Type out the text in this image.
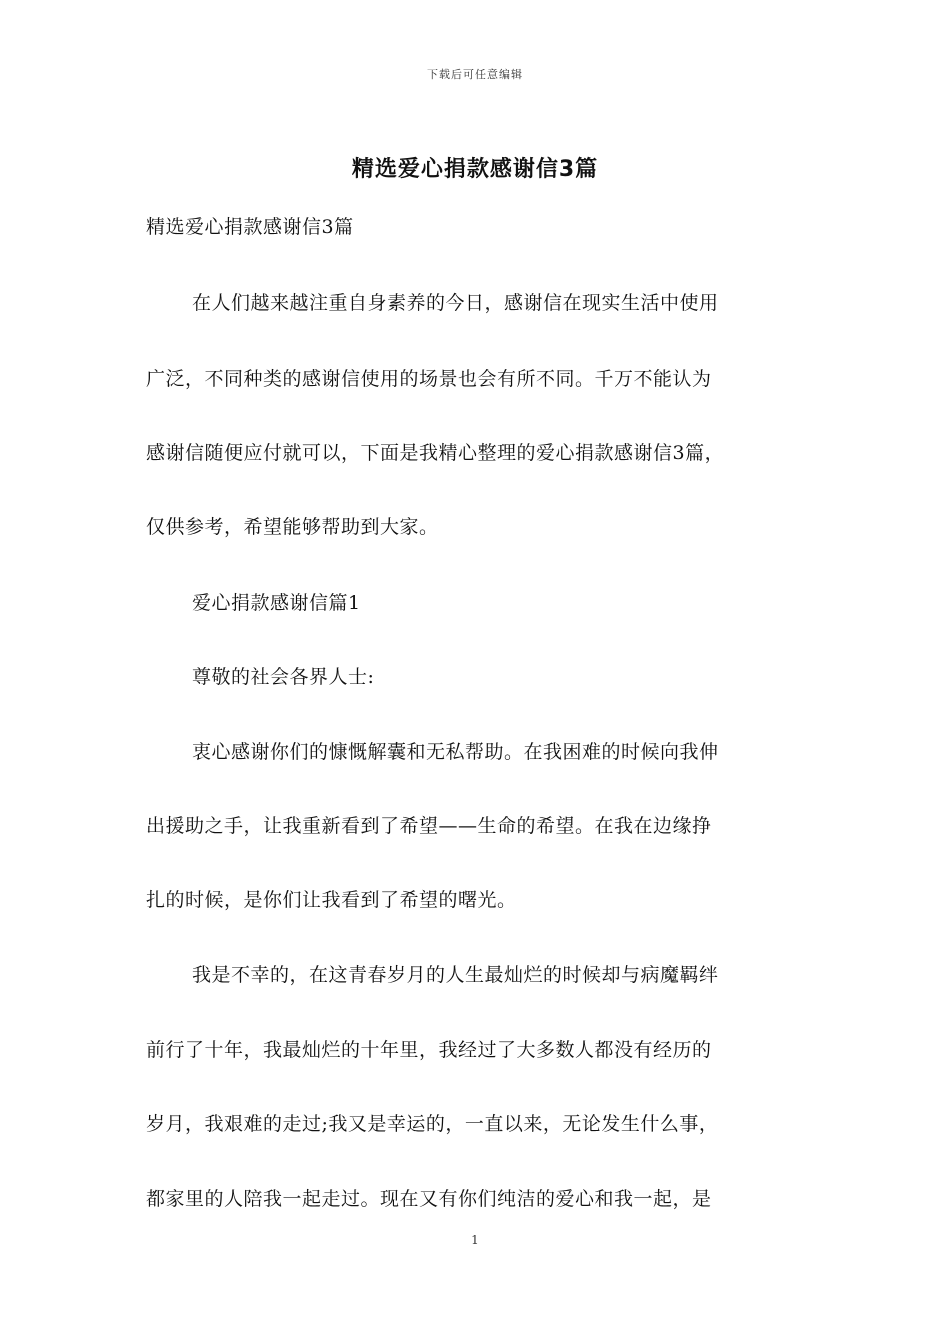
下载后可任意编辑
精选爱心捐款感谢信3篇
精选爱心捐款感谢信3篇
在人们越来越注重自身素养的今日，感谢信在现实生活中使用
广泛，不同种类的感谢信使用的场景也会有所不同。千万不能认为
感谢信随便应付就可以，下面是我精心整理的爱心捐款感谢信3篇，
仅供参考，希望能够帮助到大家。
爱心捐款感谢信篇1
尊敬的社会各界人士:
衷心感谢你们的慷慨解囊和无私帮助。在我困难的时候向我伸
出援助之手，让我重新看到了希望——生命的希望。在我在边缘挣
扎的时候，是你们让我看到了希望的曙光。
我是不幸的，在这青春岁月的人生最灿烂的时候却与病魔羁绊
前行了十年，我最灿烂的十年里，我经过了大多数人都没有经历的
岁月，我艰难的走过;我又是幸运的，一直以来，无论发生什么事，
都家里的人陪我一起走过。现在又有你们纯洁的爱心和我一起，是
1
